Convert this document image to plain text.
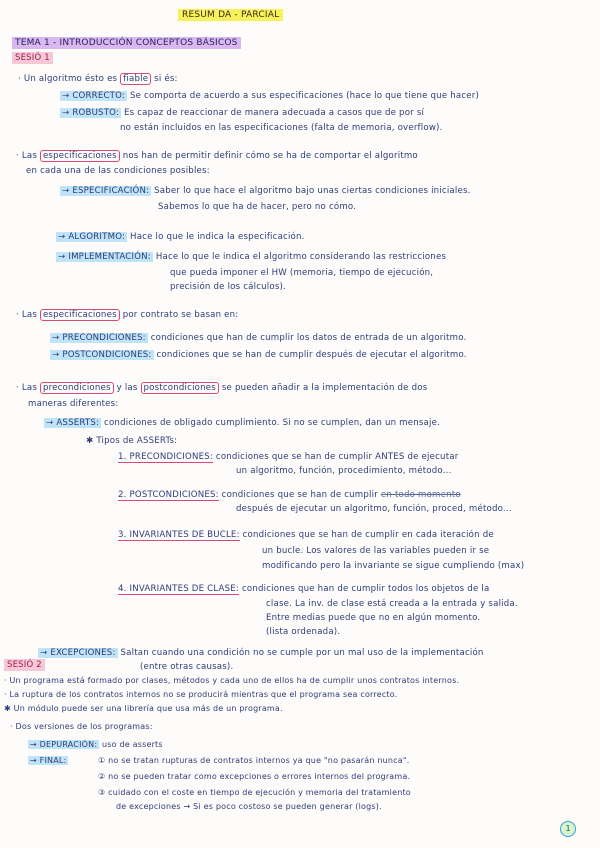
RESUM DA - PARCIAL
TEMA 1 - INTRODUCCIÓN CONCEPTOS BÁSICOS
SESIÓ 1
· Un algoritmo ésto es fiable si és:
→ CORRECTO: Se comporta de acuerdo a sus especificaciones (hace lo que tiene que hacer)
→ ROBUSTO: Es capaz de reaccionar de manera adecuada a casos que de por sí
no están incluidos en las especificaciones (falta de memoria, overflow).
· Las especificaciones nos han de permitir definir cómo se ha de comportar el algoritmo
en cada una de las condiciones posibles:
→ ESPECIFICACIÓN: Saber lo que hace el algoritmo bajo unas ciertas condiciones iniciales.
Sabemos lo que ha de hacer, pero no cómo.
→ ALGORITMO: Hace lo que le indica la especificación.
→ IMPLEMENTACIÓN: Hace lo que le indica el algoritmo considerando las restricciones
que pueda imponer el HW (memoria, tiempo de ejecución,
precisión de los cálculos).
· Las especificaciones por contrato se basan en:
→ PRECONDICIONES: condiciones que han de cumplir los datos de entrada de un algoritmo.
→ POSTCONDICIONES: condiciones que se han de cumplir después de ejecutar el algoritmo.
· Las precondiciones y las postcondiciones se pueden añadir a la implementación de dos
maneras diferentes:
→ ASSERTS: condiciones de obligado cumplimiento. Si no se cumplen, dan un mensaje.
✱ Tipos de ASSERTs:
1. PRECONDICIONES: condiciones que se han de cumplir ANTES de ejecutar
un algoritmo, función, procedimiento, método...
2. POSTCONDICIONES: condiciones que se han de cumplir en todo momento
después de ejecutar un algoritmo, función, proced, método...
3. INVARIANTES DE BUCLE: condiciones que se han de cumplir en cada iteración de
un bucle. Los valores de las variables pueden ir se
modificando pero la invariante se sigue cumpliendo (max)
4. INVARIANTES DE CLASE: condiciones que han de cumplir todos los objetos de la
clase. La inv. de clase está creada a la entrada y salida.
Entre medias puede que no en algún momento.
(lista ordenada).
→ EXCEPCIONES: Saltan cuando una condición no se cumple por un mal uso de la implementación
(entre otras causas).
SESIÓ 2
· Un programa está formado por clases, métodos y cada uno de ellos ha de cumplir unos contratos internos.
· La ruptura de los contratos internos no se producirá mientras que el programa sea correcto.
✱ Un módulo puede ser una librería que usa más de un programa.
· Dos versiones de los programas:
→ DEPURACIÓN: uso de asserts
→ FINAL:	① no se tratan rupturas de contratos internos ya que "no pasarán nunca".
② no se pueden tratar como excepciones o errores internos del programa.
③ cuidado con el coste en tiempo de ejecución y memoria del tratamiento
de excepciones → Si es poco costoso se pueden generar (logs).
1
